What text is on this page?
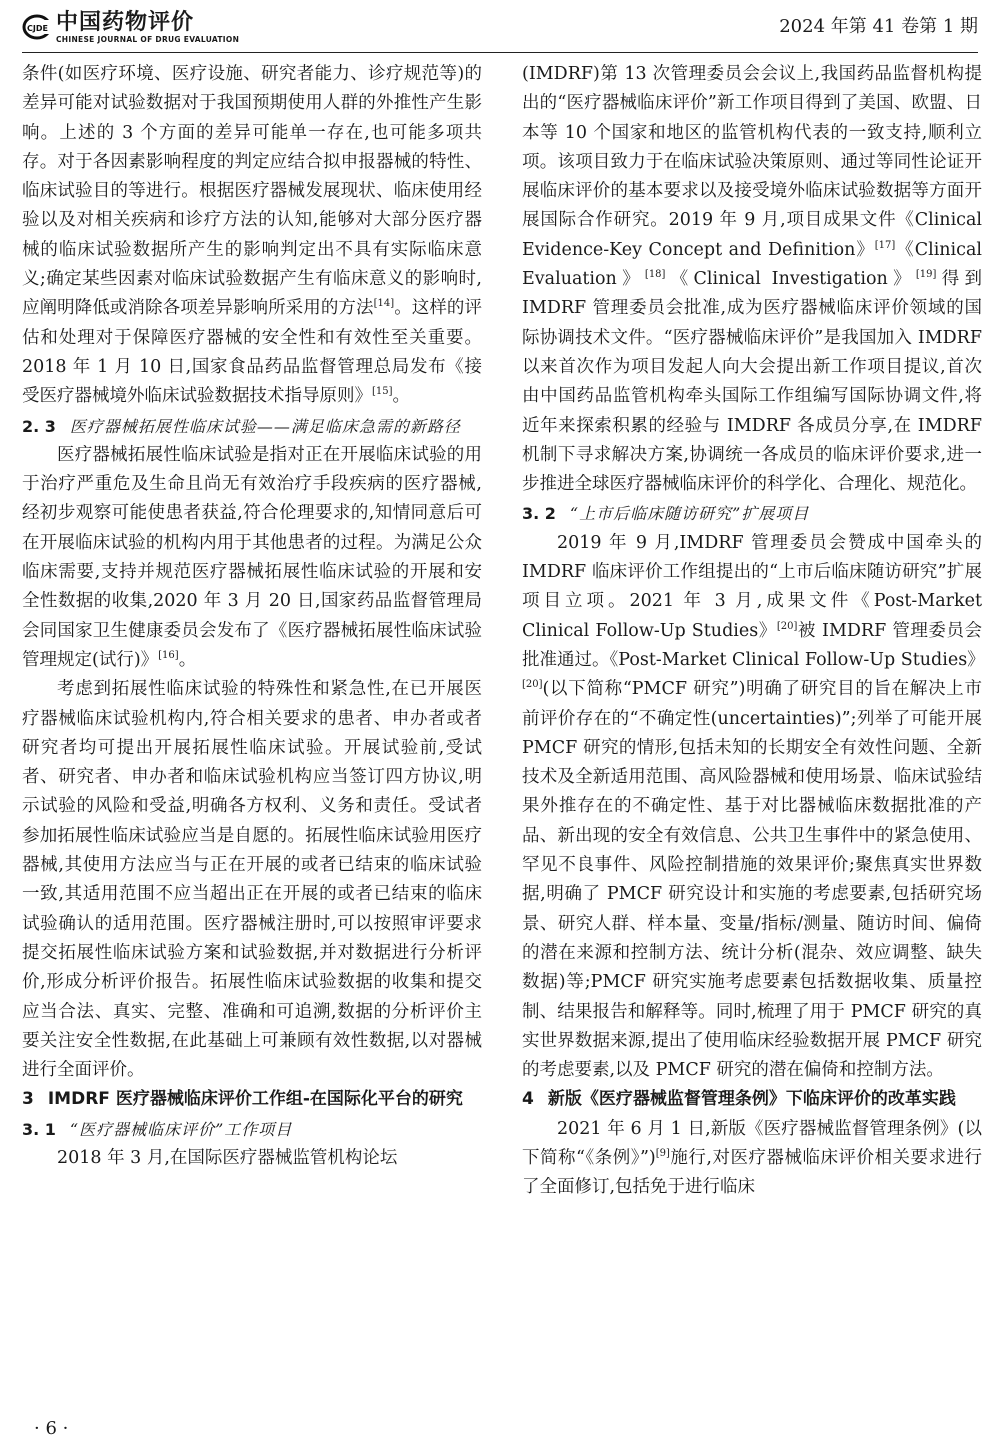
CJDE 中国药物评价
CHINESE JOURNAL OF DRUG EVALUATION
2024 年第 41 卷第 1 期

条件(如医疗环境、医疗设施、研究者能力、诊疗规范等)的差异可能对试验数据对于我国预期使用人群的外推性产生影响。上述的 3 个方面的差异可能单一存在,也可能多项共存。对于各因素影响程度的判定应结合拟申报器械的特性、临床试验目的等进行。根据医疗器械发展现状、临床使用经验以及对相关疾病和诊疗方法的认知,能够对大部分医疗器械的临床试验数据所产生的影响判定出不具有实际临床意义;确定某些因素对临床试验数据产生有临床意义的影响时,应阐明降低或消除各项差异影响所采用的方法[14]。这样的评估和处理对于保障医疗器械的安全性和有效性至关重要。2018 年 1 月 10 日,国家食品药品监督管理总局发布《接受医疗器械境外临床试验数据技术指导原则》[15]。

2. 3 医疗器械拓展性临床试验——满足临床急需的新路径

医疗器械拓展性临床试验是指对正在开展临床试验的用于治疗严重危及生命且尚无有效治疗手段疾病的医疗器械,经初步观察可能使患者获益,符合伦理要求的,知情同意后可在开展临床试验的机构内用于其他患者的过程。为满足公众临床需要,支持并规范医疗器械拓展性临床试验的开展和安全性数据的收集,2020 年 3 月 20 日,国家药品监督管理局会同国家卫生健康委员会发布了《医疗器械拓展性临床试验管理规定(试行)》[16]。

考虑到拓展性临床试验的特殊性和紧急性,在已开展医疗器械临床试验机构内,符合相关要求的患者、申办者或者研究者均可提出开展拓展性临床试验。开展试验前,受试者、研究者、申办者和临床试验机构应当签订四方协议,明示试验的风险和受益,明确各方权利、义务和责任。受试者参加拓展性临床试验应当是自愿的。拓展性临床试验用医疗器械,其使用方法应当与正在开展的或者已结束的临床试验一致,其适用范围不应当超出正在开展的或者已结束的临床试验确认的适用范围。医疗器械注册时,可以按照审评要求提交拓展性临床试验方案和试验数据,并对数据进行分析评价,形成分析评价报告。拓展性临床试验数据的收集和提交应当合法、真实、完整、准确和可追溯,数据的分析评价主要关注安全性数据,在此基础上可兼顾有效性数据,以对器械进行全面评价。

3 IMDRF 医疗器械临床评价工作组-在国际化平台的研究

3. 1 “医疗器械临床评价”工作项目

2018 年 3 月,在国际医疗器械监管机构论坛

(IMDRF)第 13 次管理委员会会议上,我国药品监督机构提出的“医疗器械临床评价”新工作项目得到了美国、欧盟、日本等 10 个国家和地区的监管机构代表的一致支持,顺利立项。该项目致力于在临床试验决策原则、通过等同性论证开展临床评价的基本要求以及接受境外临床试验数据等方面开展国际合作研究。2019 年 9 月,项目成果文件《Clinical Evidence-Key Concept and Definition》[17]《Clinical Evaluation》[18]《Clinical Investigation》[19]得到 IMDRF 管理委员会批准,成为医疗器械临床评价领域的国际协调技术文件。“医疗器械临床评价”是我国加入 IMDRF 以来首次作为项目发起人向大会提出新工作项目提议,首次由中国药品监管机构牵头国际工作组编写国际协调文件,将近年来探索积累的经验与 IMDRF 各成员分享,在 IMDRF 机制下寻求解决方案,协调统一各成员的临床评价要求,进一步推进全球医疗器械临床评价的科学化、合理化、规范化。

3. 2 “上市后临床随访研究”扩展项目

2019 年 9 月,IMDRF 管理委员会赞成中国牵头的 IMDRF 临床评价工作组提出的“上市后临床随访研究”扩展项目立项。2021 年 3 月,成果文件《Post-Market Clinical Follow-Up Studies》[20]被 IMDRF 管理委员会批准通过。《Post-Market Clinical Follow-Up Studies》[20](以下简称“PMCF 研究”)明确了研究目的旨在解决上市前评价存在的“不确定性(uncertainties)”;列举了可能开展 PMCF 研究的情形,包括未知的长期安全有效性问题、全新技术及全新适用范围、高风险器械和使用场景、临床试验结果外推存在的不确定性、基于对比器械临床数据批准的产品、新出现的安全有效信息、公共卫生事件中的紧急使用、罕见不良事件、风险控制措施的效果评价;聚焦真实世界数据,明确了 PMCF 研究设计和实施的考虑要素,包括研究场景、研究人群、样本量、变量/指标/测量、随访时间、偏倚的潜在来源和控制方法、统计分析(混杂、效应调整、缺失数据)等;PMCF 研究实施考虑要素包括数据收集、质量控制、结果报告和解释等。同时,梳理了用于 PMCF 研究的真实世界数据来源,提出了使用临床经验数据开展 PMCF 研究的考虑要素,以及 PMCF 研究的潜在偏倚和控制方法。

4 新版《医疗器械监督管理条例》下临床评价的改革实践

2021 年 6 月 1 日,新版《医疗器械监督管理条例》(以下简称“《条例》”)[9]施行,对医疗器械临床评价相关要求进行了全面修订,包括免于进行临床

· 6 ·
